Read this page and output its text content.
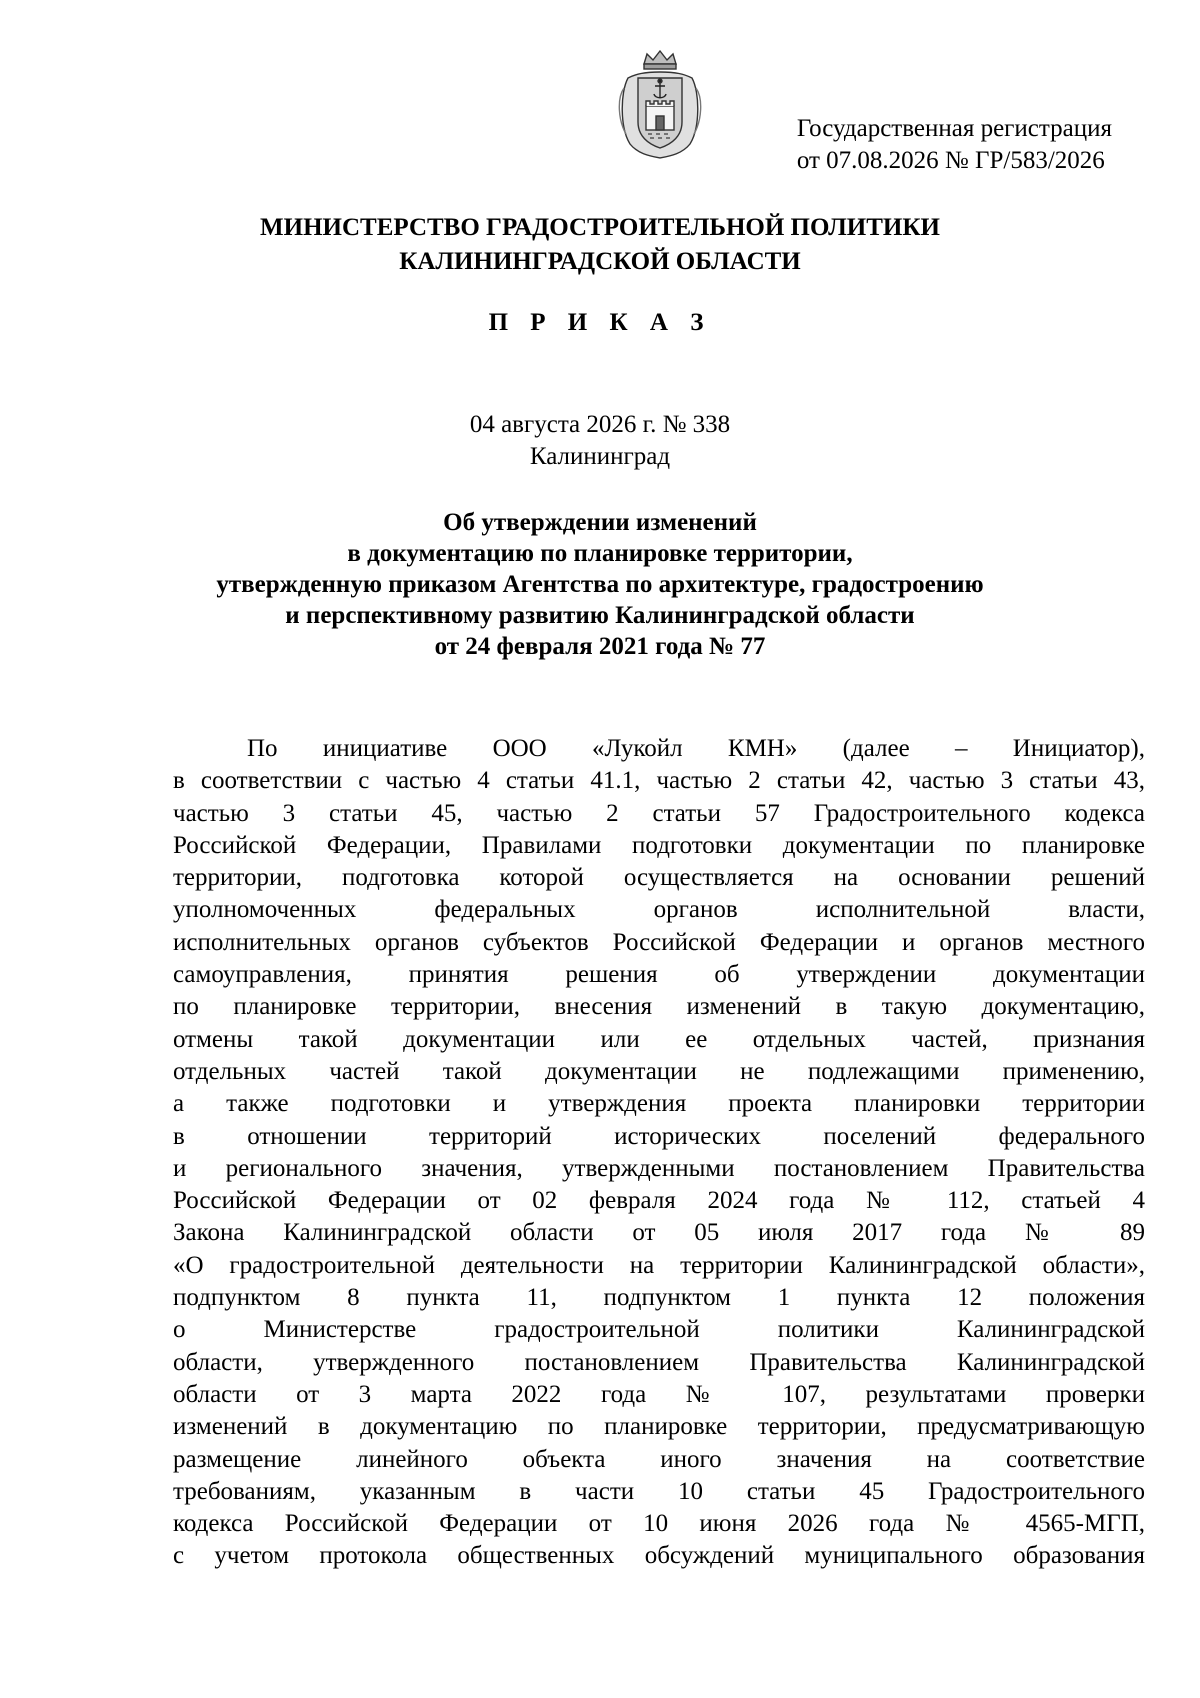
Государственная регистрация
от 07.08.2026 № ГР/583/2026
МИНИСТЕРСТВО ГРАДОСТРОИТЕЛЬНОЙ ПОЛИТИКИ
КАЛИНИНГРАДСКОЙ ОБЛАСТИ
П Р И К А З
04 августа 2026 г. № 338
Калининград
Об утверждении изменений
в документацию по планировке территории,
утвержденную приказом Агентства по архитектуре, градостроению
и перспективному развитию Калининградской области
от 24 февраля 2021 года № 77
По инициативе ООО «Лукойл КМН» (далее – Инициатор),
в соответствии с частью 4 статьи 41.1, частью 2 статьи 42, частью 3 статьи 43,
частью 3 статьи 45, частью 2 статьи 57 Градостроительного кодекса
Российской Федерации, Правилами подготовки документации по планировке
территории, подготовка которой осуществляется на основании решений
уполномоченных федеральных органов исполнительной власти,
исполнительных органов субъектов Российской Федерации и органов местного
самоуправления, принятия решения об утверждении документации
по планировке территории, внесения изменений в такую документацию,
отмены такой документации или ее отдельных частей, признания
отдельных частей такой документации не подлежащими применению,
а также подготовки и утверждения проекта планировки территории
в отношении территорий исторических поселений федерального
и регионального значения, утвержденными постановлением Правительства
Российской Федерации от 02 февраля 2024 года № 112, статьей 4
Закона Калининградской области от 05 июля 2017 года № 89
«О градостроительной деятельности на территории Калининградской области»,
подпунктом 8 пункта 11, подпунктом 1 пункта 12 положения
о Министерстве градостроительной политики Калининградской
области, утвержденного постановлением Правительства Калининградской
области от 3 марта 2022 года № 107, результатами проверки
изменений в документацию по планировке территории, предусматривающую
размещение линейного объекта иного значения на соответствие
требованиям, указанным в части 10 статьи 45 Градостроительного
кодекса Российской Федерации от 10 июня 2026 года № 4565-МГП,
с учетом протокола общественных обсуждений муниципального образования
